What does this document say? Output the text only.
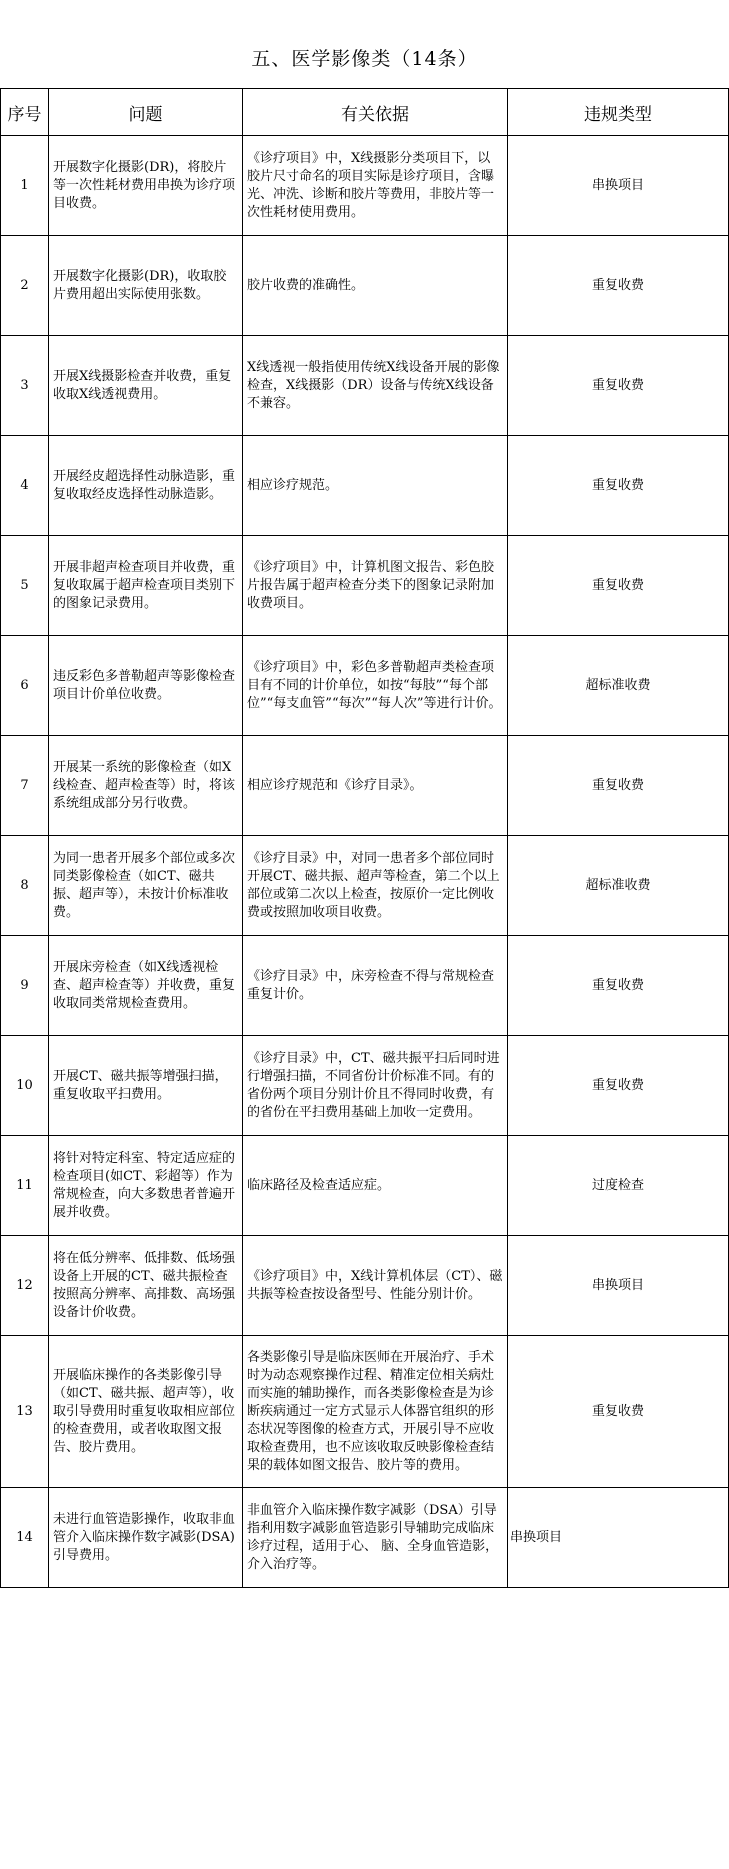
五、医学影像类（14条）
序号	问题	有关依据	违规类型
1	开展数字化摄影(DR)，将胶片等一次性耗材费用串换为诊疗项目收费。	《诊疗项目》中，X线摄影分类项目下，以胶片尺寸命名的项目实际是诊疗项目，含曝光、冲洗、诊断和胶片等费用，非胶片等一次性耗材使用费用。	串换项目
2	开展数字化摄影(DR)，收取胶片费用超出实际使用张数。	胶片收费的准确性。	重复收费
3	开展X线摄影检查并收费，重复收取X线透视费用。	X线透视一般指使用传统X线设备开展的影像检查，X线摄影（DR）设备与传统X线设备不兼容。	重复收费
4	开展经皮超选择性动脉造影，重复收取经皮选择性动脉造影。	相应诊疗规范。	重复收费
5	开展非超声检查项目并收费，重复收取属于超声检查项目类别下的图象记录费用。	《诊疗项目》中，计算机图文报告、彩色胶片报告属于超声检查分类下的图象记录附加收费项目。	重复收费
6	违反彩色多普勒超声等影像检查项目计价单位收费。	《诊疗项目》中，彩色多普勒超声类检查项目有不同的计价单位，如按“每肢”“每个部位”“每支血管”“每次”“每人次”等进行计价。	超标准收费
7	开展某一系统的影像检查（如X线检查、超声检查等）时，将该系统组成部分另行收费。	相应诊疗规范和《诊疗目录》。	重复收费
8	为同一患者开展多个部位或多次同类影像检查（如CT、磁共振、超声等），未按计价标准收费。	《诊疗目录》中，对同一患者多个部位同时开展CT、磁共振、超声等检查，第二个以上部位或第二次以上检查，按原价一定比例收费或按照加收项目收费。	超标准收费
9	开展床旁检查（如X线透视检查、超声检查等）并收费，重复收取同类常规检查费用。	《诊疗目录》中，床旁检查不得与常规检查重复计价。	重复收费
10	开展CT、磁共振等增强扫描，重复收取平扫费用。	《诊疗目录》中，CT、磁共振平扫后同时进行增强扫描，不同省份计价标准不同。有的省份两个项目分别计价且不得同时收费，有的省份在平扫费用基础上加收一定费用。	重复收费
11	将针对特定科室、特定适应症的检查项目(如CT、彩超等）作为常规检查，向大多数患者普遍开展并收费。	临床路径及检查适应症。	过度检查
12	将在低分辨率、低排数、低场强设备上开展的CT、磁共振检查按照高分辨率、高排数、高场强设备计价收费。	《诊疗项目》中，X线计算机体层（CT）、磁共振等检查按设备型号、性能分别计价。	串换项目
13	开展临床操作的各类影像引导（如CT、磁共振、超声等），收取引导费用时重复收取相应部位的检查费用，或者收取图文报告、胶片费用。	各类影像引导是临床医师在开展治疗、手术时为动态观察操作过程、精准定位相关病灶而实施的辅助操作，而各类影像检查是为诊断疾病通过一定方式显示人体器官组织的形态状况等图像的检查方式，开展引导不应收取检查费用，也不应该收取反映影像检查结果的载体如图文报告、胶片等的费用。	重复收费
14	未进行血管造影操作，收取非血管介入临床操作数字减影(DSA)引导费用。	非血管介入临床操作数字减影（DSA）引导指利用数字减影血管造影引导辅助完成临床诊疗过程，适用于心、 脑、全身血管造影，介入治疗等。	串换项目
